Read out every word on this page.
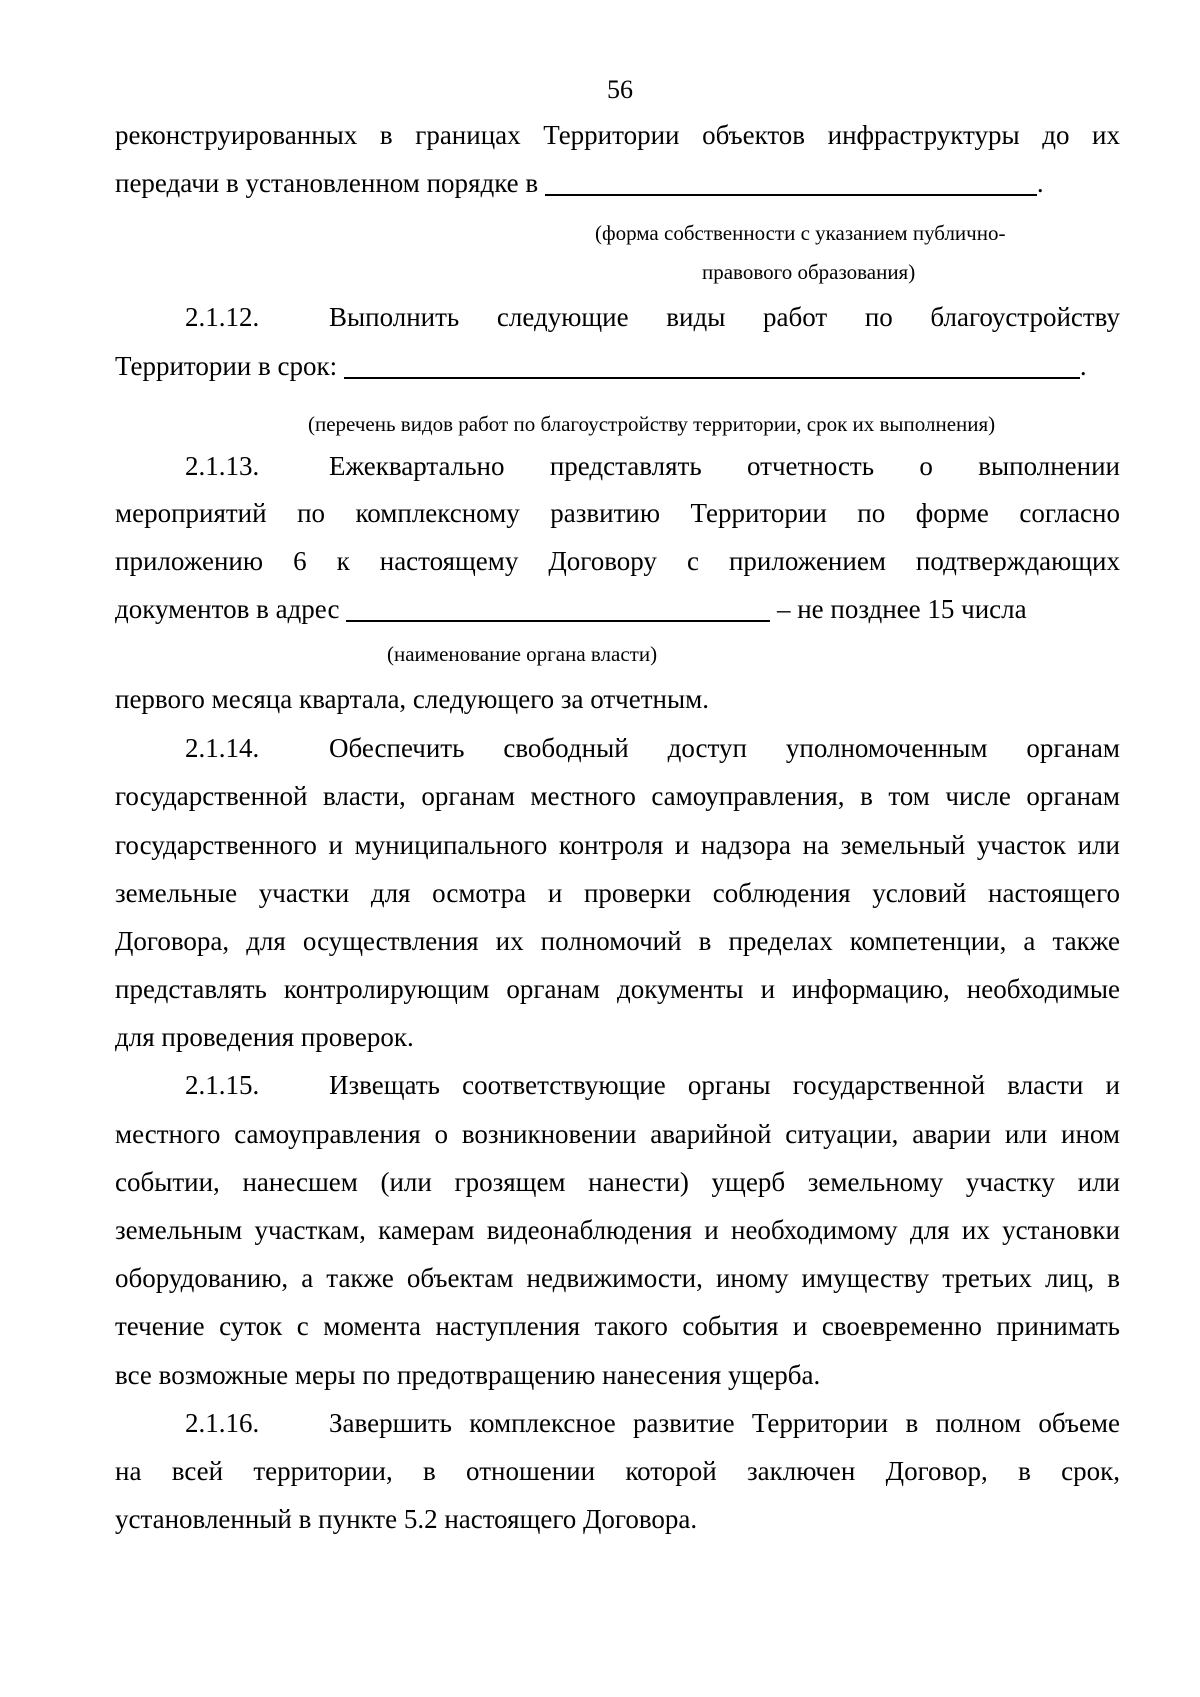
56
реконструированных в границах Территории объектов инфраструктуры до их
передачи в установленном порядке в	.
(форма собственности с указанием публично-
правового образования)
2.1.12.	Выполнить следующие виды работ по благоустройству
Территории в срок:	.
(перечень видов работ по благоустройству территории, срок их выполнения)
2.1.13.	Ежеквартально представлять отчетность о выполнении
мероприятий по комплексному развитию Территории по форме согласно
приложению 6 к настоящему Договору с приложением подтверждающих
документов в адрес	– не позднее 15 числа
(наименование органа власти)
первого месяца квартала, следующего за отчетным.
2.1.14.	Обеспечить свободный доступ уполномоченным органам
государственной власти, органам местного самоуправления, в том числе органам
государственного и муниципального контроля и надзора на земельный участок или
земельные участки для осмотра и проверки соблюдения условий настоящего
Договора, для осуществления их полномочий в пределах компетенции, а также
представлять контролирующим органам документы и информацию, необходимые
для проведения проверок.
2.1.15.	Извещать соответствующие органы государственной власти и
местного самоуправления о возникновении аварийной ситуации, аварии или ином
событии, нанесшем (или грозящем нанести) ущерб земельному участку или
земельным участкам, камерам видеонаблюдения и необходимому для их установки
оборудованию, а также объектам недвижимости, иному имуществу третьих лиц, в
течение суток с момента наступления такого события и своевременно принимать
все возможные меры по предотвращению нанесения ущерба.
2.1.16.	Завершить комплексное развитие Территории в полном объеме
на всей территории, в отношении которой заключен Договор, в срок,
установленный в пункте 5.2 настоящего Договора.
